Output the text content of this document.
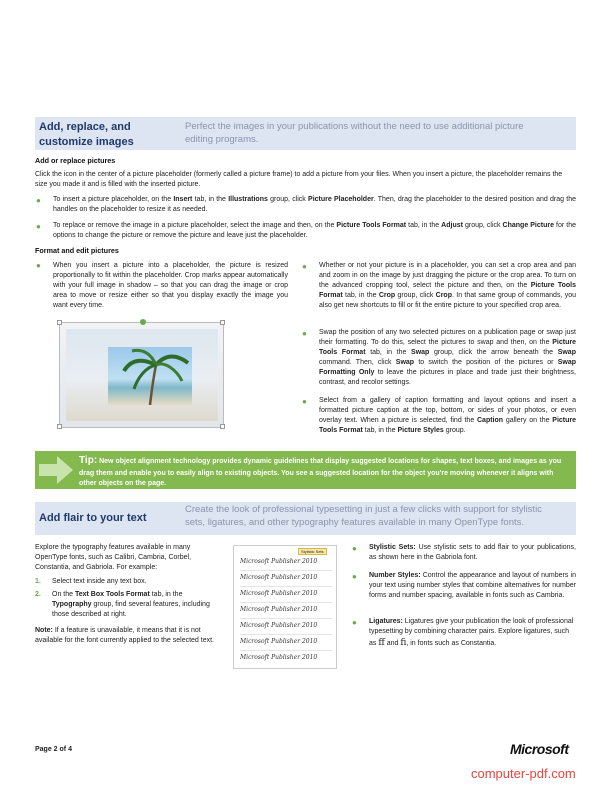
Add, replace, and
customize images
Perfect the images in your publications without the need to use additional picture
editing programs.
Add or replace pictures
Click the icon in the center of a picture placeholder (formerly called a picture frame) to add a picture from your files. When you insert a picture, the placeholder remains the size you made it and is filled with the inserted picture.
● To insert a picture placeholder, on the Insert tab, in the Illustrations group, click Picture Placeholder. Then, drag the placeholder to the desired position and drag the handles on the placeholder to resize it as needed.
● To replace or remove the image in a picture placeholder, select the image and then, on the Picture Tools Format tab, in the Adjust group, click Change Picture for the options to change the picture or remove the picture and leave just the placeholder.
Format and edit pictures
When you insert a picture into a placeholder, the picture is resized proportionally to fit within the placeholder. Crop marks appear automatically with your full image in shadow – so that you can drag the image or crop area to move or resize either so that you display exactly the image you want every time.
●	● Whether or not your picture is in a placeholder, you can set a crop area and pan and zoom in on the image by just dragging the picture or the crop area. To turn on the advanced cropping tool, select the picture and then, on the Picture Tools Format tab, in the Crop group, click Crop. In that same group of commands, you also get new shortcuts to fill or fit the entire picture to your specified crop area.
● Swap the position of any two selected pictures on a publication page or swap just their formatting. To do this, select the pictures to swap and then, on the Picture Tools Format tab, in the Swap group, click the arrow beneath the Swap command. Then, click Swap to switch the position of the pictures or Swap Formatting Only to leave the pictures in place and trade just their brightness, contrast, and recolor settings.
● Select from a gallery of caption formatting and layout options and insert a formatted picture caption at the top, bottom, or sides of your photos, or even overlay text. When a picture is selected, find the Caption gallery on the Picture Tools Format tab, in the Picture Styles group.
Tip: New object alignment technology provides dynamic guidelines that display suggested locations for shapes, text boxes, and images as you drag them and enable you to easily align to existing objects. You see a suggested location for the object you're moving whenever it aligns with other objects on the page.
Add flair to your text
Create the look of professional typesetting in just a few clicks with support for stylistic
sets, ligatures, and other typography features available in many OpenType fonts.
Explore the typography features available in many OpenType fonts, such as Calibri, Cambria, Corbel, Constantia, and Gabriola. For example:
1.	Select text inside any text box.
2.	On the Text Box Tools Format tab, in the Typography group, find several features, including those described at right.
Note: If a feature is unavailable, it means that it is not available for the font currently applied to the selected text.
Stylistic Sets
Microsoft Publisher 2010
Microsoft Publisher 2010
Microsoft Publisher 2010
Microsoft Publisher 2010
Microsoft Publisher 2010
Microsoft Publisher 2010
Microsoft Publisher 2010
● Stylistic Sets: Use stylistic sets to add flair to your publications, as shown here in the Gabriola font.
● Number Styles: Control the appearance and layout of numbers in your text using number styles that combine alternatives for number forms and number spacing, available in fonts such as Cambria.
● Ligatures: Ligatures give your publication the look of professional typesetting by combining character pairs. Explore ligatures, such as ff and fi, in fonts such as Constantia.
Page 2 of 4	Microsoft
computer-pdf.com
